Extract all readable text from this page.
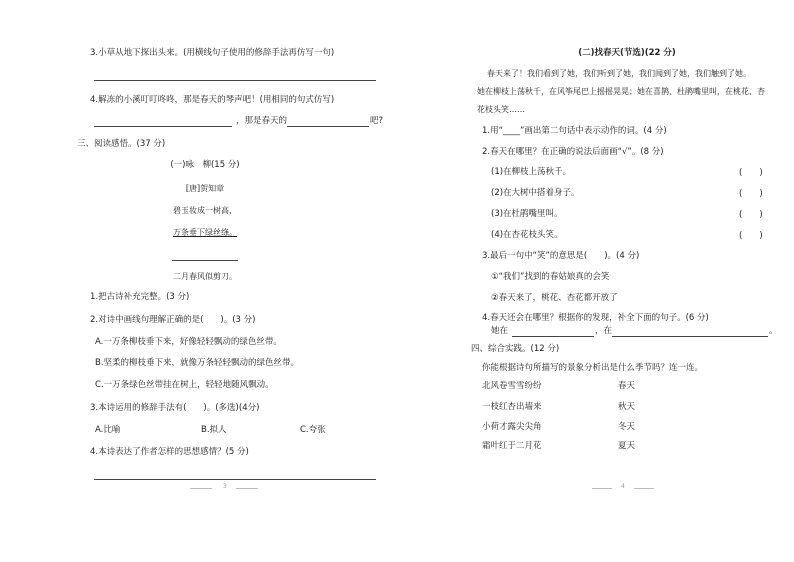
3.小草从地下探出头来。(用横线句子使用的修辞手法再仿写一句)
4.解冻的小溪叮叮咚咚，那是春天的琴声吧！(用相同的句式仿写)
，那是春天的	吧?
三、阅读感悟。(37 分)
(一)咏　柳(15 分)
[唐]贺知章
碧玉妆成一树高，
万条垂下绿丝绦。
二月春风似剪刀。
1.把古诗补充完整。(3 分)
2.对诗中画线句理解正确的是(　　)。(3 分)
A.一万条柳枝垂下来，好像轻轻飘动的绿色丝带。
B.坚柔的柳枝垂下来，就像万条轻轻飘动的绿色丝带。
C.一万条绿色丝带挂在树上，轻轻地随风飘动。
3.本诗运用的修辞手法有(　　)。(多选)(4分)
A.比喻	B.拟人	C.夸张
4.本诗表达了作者怎样的思想感情？(5 分)
3
(二)找春天(节选)(22 分)
春天来了！我们看到了她，我们听到了她，我们闻到了她，我们触到了她。
她在柳枝上荡秋千，在风筝尾巴上摇摇晃晃；她在喜鹊、杜鹃嘴里叫，在桃花、杏
花枝头笑……
1.用“____”画出第二句话中表示动作的词。(4 分)
2.春天在哪里？在正确的说法后面画“√”。(8 分)
(1)在柳枝上荡秋千。	(　　)
(2)在大树中搭着身子。	(　　)
(3)在杜鹃嘴里叫。	(　　)
(4)在杏花枝头笑。	(　　)
3.最后一句中“笑”的意思是(　　)。(4 分)
①“我们”找到的春姑娘真的会笑
②春天来了，桃花、杏花都开放了
4.春天还会在哪里？根据你的发现，补全下面的句子。(6 分)
她在	，在	。
四、综合实践。(12 分)
你能根据诗句所描写的景象分析出是什么季节吗？连一连。
北风卷雪雪纷纷	春天
一枝红杏出墙来	秋天
小荷才露尖尖角	冬天
霜叶红于二月花	夏天
4
